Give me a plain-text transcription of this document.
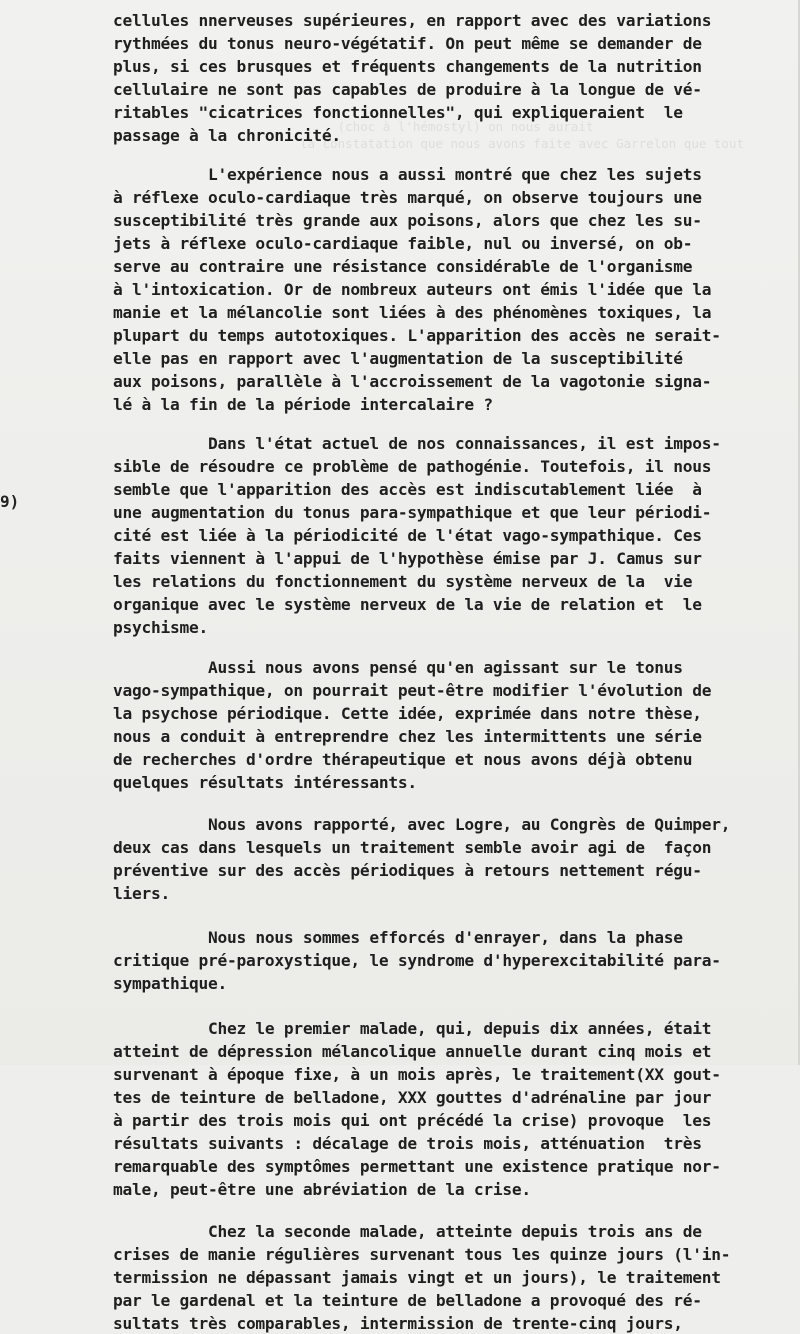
(choc à l'hémostyl) on nous aurait
la constatation que nous avons faite avec Garrelon que tout

9)
cellules nnerveuses supérieures, en rapport avec des variations
rythmées du tonus neuro-végétatif. On peut même se demander de
plus, si ces brusques et fréquents changements de la nutrition
cellulaire ne sont pas capables de produire à la longue de vé-
ritables "cicatrices fonctionnelles", qui expliqueraient  le
passage à la chronicité.
L'expérience nous a aussi montré que chez les sujets
à réflexe oculo-cardiaque très marqué, on observe toujours une
susceptibilité très grande aux poisons, alors que chez les su-
jets à réflexe oculo-cardiaque faible, nul ou inversé, on ob-
serve au contraire une résistance considérable de l'organisme
à l'intoxication. Or de nombreux auteurs ont émis l'idée que la
manie et la mélancolie sont liées à des phénomènes toxiques, la
plupart du temps autotoxiques. L'apparition des accès ne serait-
elle pas en rapport avec l'augmentation de la susceptibilité
aux poisons, parallèle à l'accroissement de la vagotonie signa-
lé à la fin de la période intercalaire ?
Dans l'état actuel de nos connaissances, il est impos-
sible de résoudre ce problème de pathogénie. Toutefois, il nous
semble que l'apparition des accès est indiscutablement liée  à
une augmentation du tonus para-sympathique et que leur périodi-
cité est liée à la périodicité de l'état vago-sympathique. Ces
faits viennent à l'appui de l'hypothèse émise par J. Camus sur
les relations du fonctionnement du système nerveux de la  vie
organique avec le système nerveux de la vie de relation et  le
psychisme.
Aussi nous avons pensé qu'en agissant sur le tonus
vago-sympathique, on pourrait peut-être modifier l'évolution de
la psychose périodique. Cette idée, exprimée dans notre thèse,
nous a conduit à entreprendre chez les intermittents une série
de recherches d'ordre thérapeutique et nous avons déjà obtenu
quelques résultats intéressants.
Nous avons rapporté, avec Logre, au Congrès de Quimper,
deux cas dans lesquels un traitement semble avoir agi de  façon
préventive sur des accès périodiques à retours nettement régu-
liers.
Nous nous sommes efforcés d'enrayer, dans la phase
critique pré-paroxystique, le syndrome d'hyperexcitabilité para-
sympathique.
Chez le premier malade, qui, depuis dix années, était
atteint de dépression mélancolique annuelle durant cinq mois et
survenant à époque fixe, à un mois après, le traitement(XX gout-
tes de teinture de belladone, XXX gouttes d'adrénaline par jour
à partir des trois mois qui ont précédé la crise) provoque  les
résultats suivants : décalage de trois mois, atténuation  très
remarquable des symptômes permettant une existence pratique nor-
male, peut-être une abréviation de la crise.
Chez la seconde malade, atteinte depuis trois ans de
crises de manie régulières survenant tous les quinze jours (l'in-
termission ne dépassant jamais vingt et un jours), le traitement
par le gardenal et la teinture de belladone a provoqué des ré-
sultats très comparables, intermission de trente-cinq jours,
